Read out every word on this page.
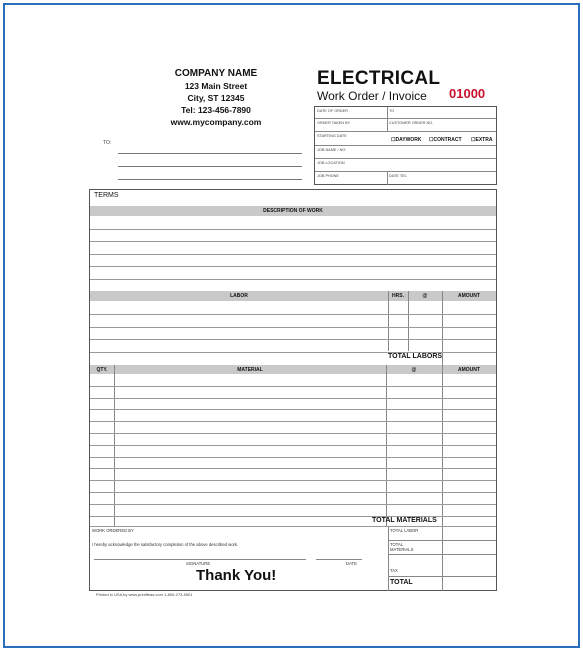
COMPANY NAME
123 Main Street
City, ST 12345
Tel: 123-456-7890
www.mycompany.com
ELECTRICAL
Work Order / Invoice 01000
TO:
DATE OF ORDER	TO
ORDER TAKEN BY	CUSTOMER ORDER NO.
STARTING DATE
☐DAYWORK ☐CONTRACT ☐EXTRA
JOB NAME / NO.
JOB LOCATION
JOB PHONE	DATE TEL
TERMS
DESCRIPTION OF WORK
LABOR	HRS.	@	AMOUNT
TOTAL LABORS
QTY.	MATERIAL	@	AMOUNT
TOTAL MATERIALS
WORK ORDERED BY
I hereby acknowledge the satisfactory completion of the above described work.
SIGNATURE	DATE
Thank You!
TOTAL LABOR
TOTAL MATERIALS
TAX
TOTAL
Printed in USA by www.printlfeas.com 1-800-273-5501
